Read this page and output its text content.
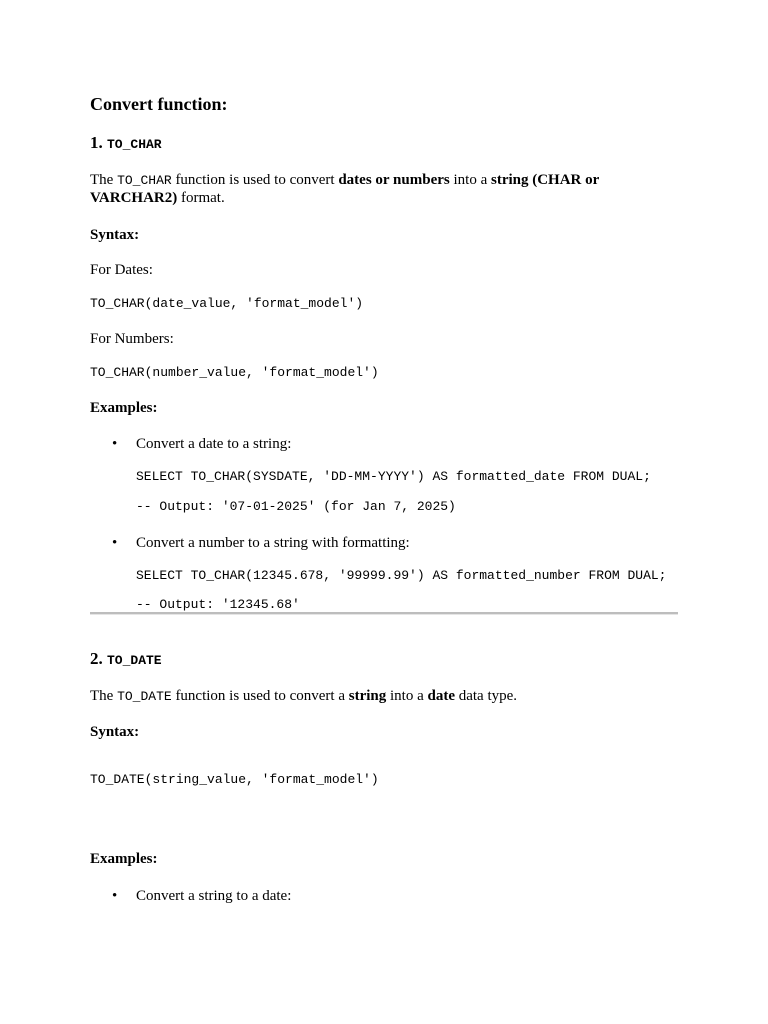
Convert function:
1. TO_CHAR
The TO_CHAR function is used to convert dates or numbers into a string (CHAR or
VARCHAR2) format.
Syntax:
For Dates:
TO_CHAR(date_value, 'format_model')
For Numbers:
TO_CHAR(number_value, 'format_model')
Examples:
• Convert a date to a string:
SELECT TO_CHAR(SYSDATE, 'DD-MM-YYYY') AS formatted_date FROM DUAL;
-- Output: '07-01-2025' (for Jan 7, 2025)
• Convert a number to a string with formatting:
SELECT TO_CHAR(12345.678, '99999.99') AS formatted_number FROM DUAL;
-- Output: '12345.68'
2. TO_DATE
The TO_DATE function is used to convert a string into a date data type.
Syntax:
TO_DATE(string_value, 'format_model')
Examples:
• Convert a string to a date:
